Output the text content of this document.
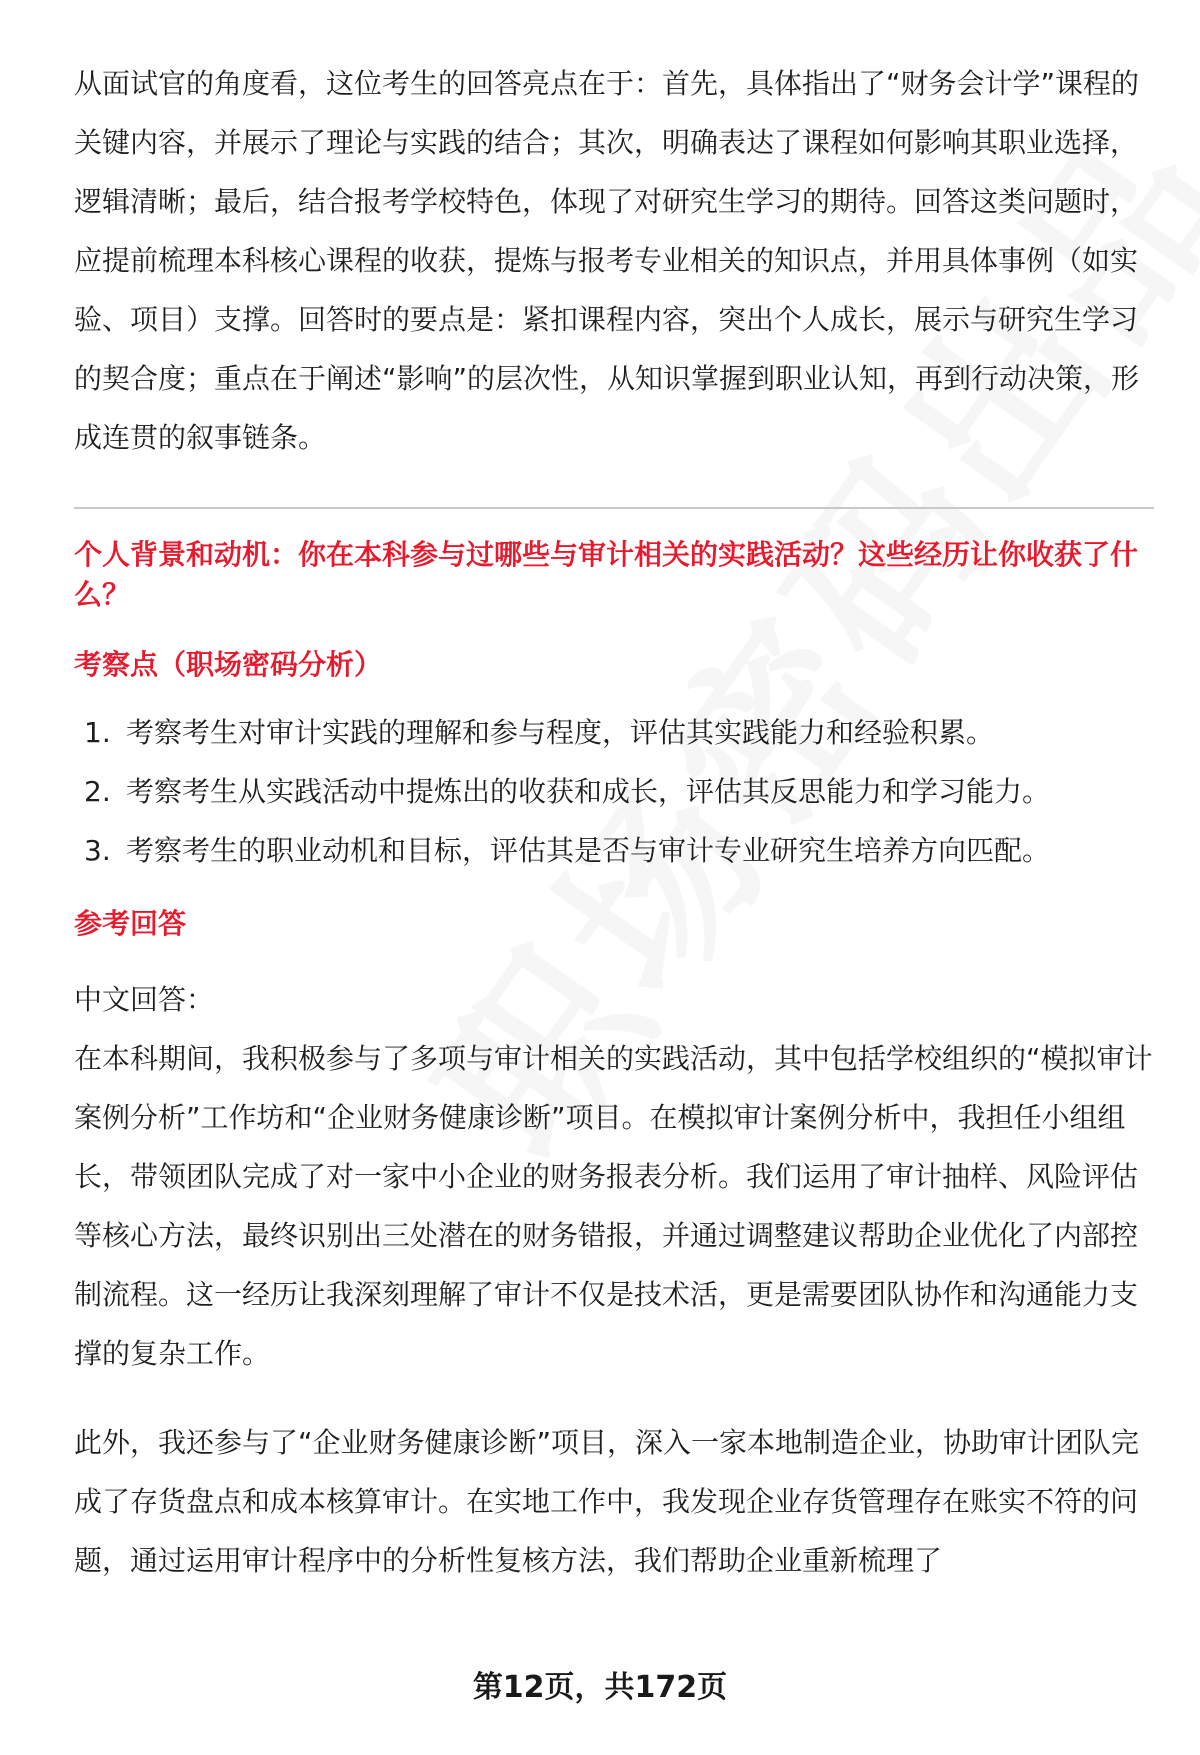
从面试官的角度看，这位考生的回答亮点在于：首先，具体指出了“财务会计学”课程的关键内容，并展示了理论与实践的结合；其次，明确表达了课程如何影响其职业选择，逻辑清晰；最后，结合报考学校特色，体现了对研究生学习的期待。回答这类问题时，应提前梳理本科核心课程的收获，提炼与报考专业相关的知识点，并用具体事例（如实验、项目）支撑。回答时的要点是：紧扣课程内容，突出个人成长，展示与研究生学习的契合度；重点在于阐述“影响”的层次性，从知识掌握到职业认知，再到行动决策，形成连贯的叙事链条。

个人背景和动机：你在本科参与过哪些与审计相关的实践活动？这些经历让你收获了什么？

考察点（职场密码分析）

1. 考察考生对审计实践的理解和参与程度，评估其实践能力和经验积累。
2. 考察考生从实践活动中提炼出的收获和成长，评估其反思能力和学习能力。
3. 考察考生的职业动机和目标，评估其是否与审计专业研究生培养方向匹配。

参考回答

中文回答：

在本科期间，我积极参与了多项与审计相关的实践活动，其中包括学校组织的“模拟审计案例分析”工作坊和“企业财务健康诊断”项目。在模拟审计案例分析中，我担任小组组长，带领团队完成了对一家中小企业的财务报表分析。我们运用了审计抽样、风险评估等核心方法，最终识别出三处潜在的财务错报，并通过调整建议帮助企业优化了内部控制流程。这一经历让我深刻理解了审计不仅是技术活，更是需要团队协作和沟通能力支撑的复杂工作。

此外，我还参与了“企业财务健康诊断”项目，深入一家本地制造企业，协助审计团队完成了存货盘点和成本核算审计。在实地工作中，我发现企业存货管理存在账实不符的问题，通过运用审计程序中的分析性复核方法，我们帮助企业重新梳理了

第12页，共172页
